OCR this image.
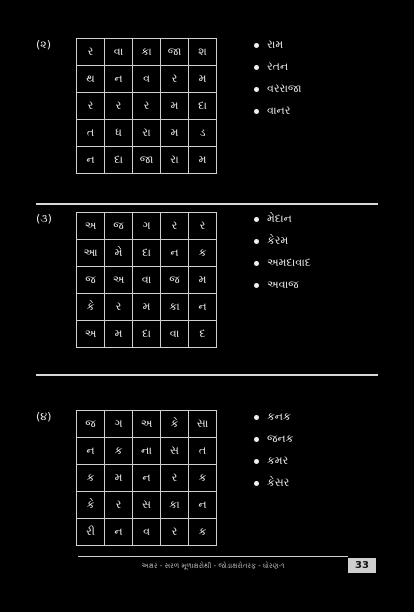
(૨)
ર	વા	કા	જા	શ
થ	ન	વ	ર	મ
ર	ર	ર	મ	દા
ત	ધ	રા	મ	ડ
ન	દા	જા	રા	મ
રામ
રતન
વરરાજા
વાનર
(૩)
અ	જ	ગ	ર	ર
આ	મે	દા	ન	ક
જ	અ	વા	જ	મ
કે	ર	મ	કા	ન
અ	મ	દા	વા	દ
મેદાન
કેરમ
અમદાવાદ
અવાજ
(૪)
જ	ગ	અ	કે	સા
ન	ક	ના	સ	ત
ક	મ	ન	ર	ક
કે	ર	સ	કા	ન
રી	ન	વ	ર	ક
કનક
જનક
કમર
કેસર
અક્ષર - સરળ મૂળાક્ષરોથી - જોડાક્ષરોતરફ - ધોરણ-૧	33
